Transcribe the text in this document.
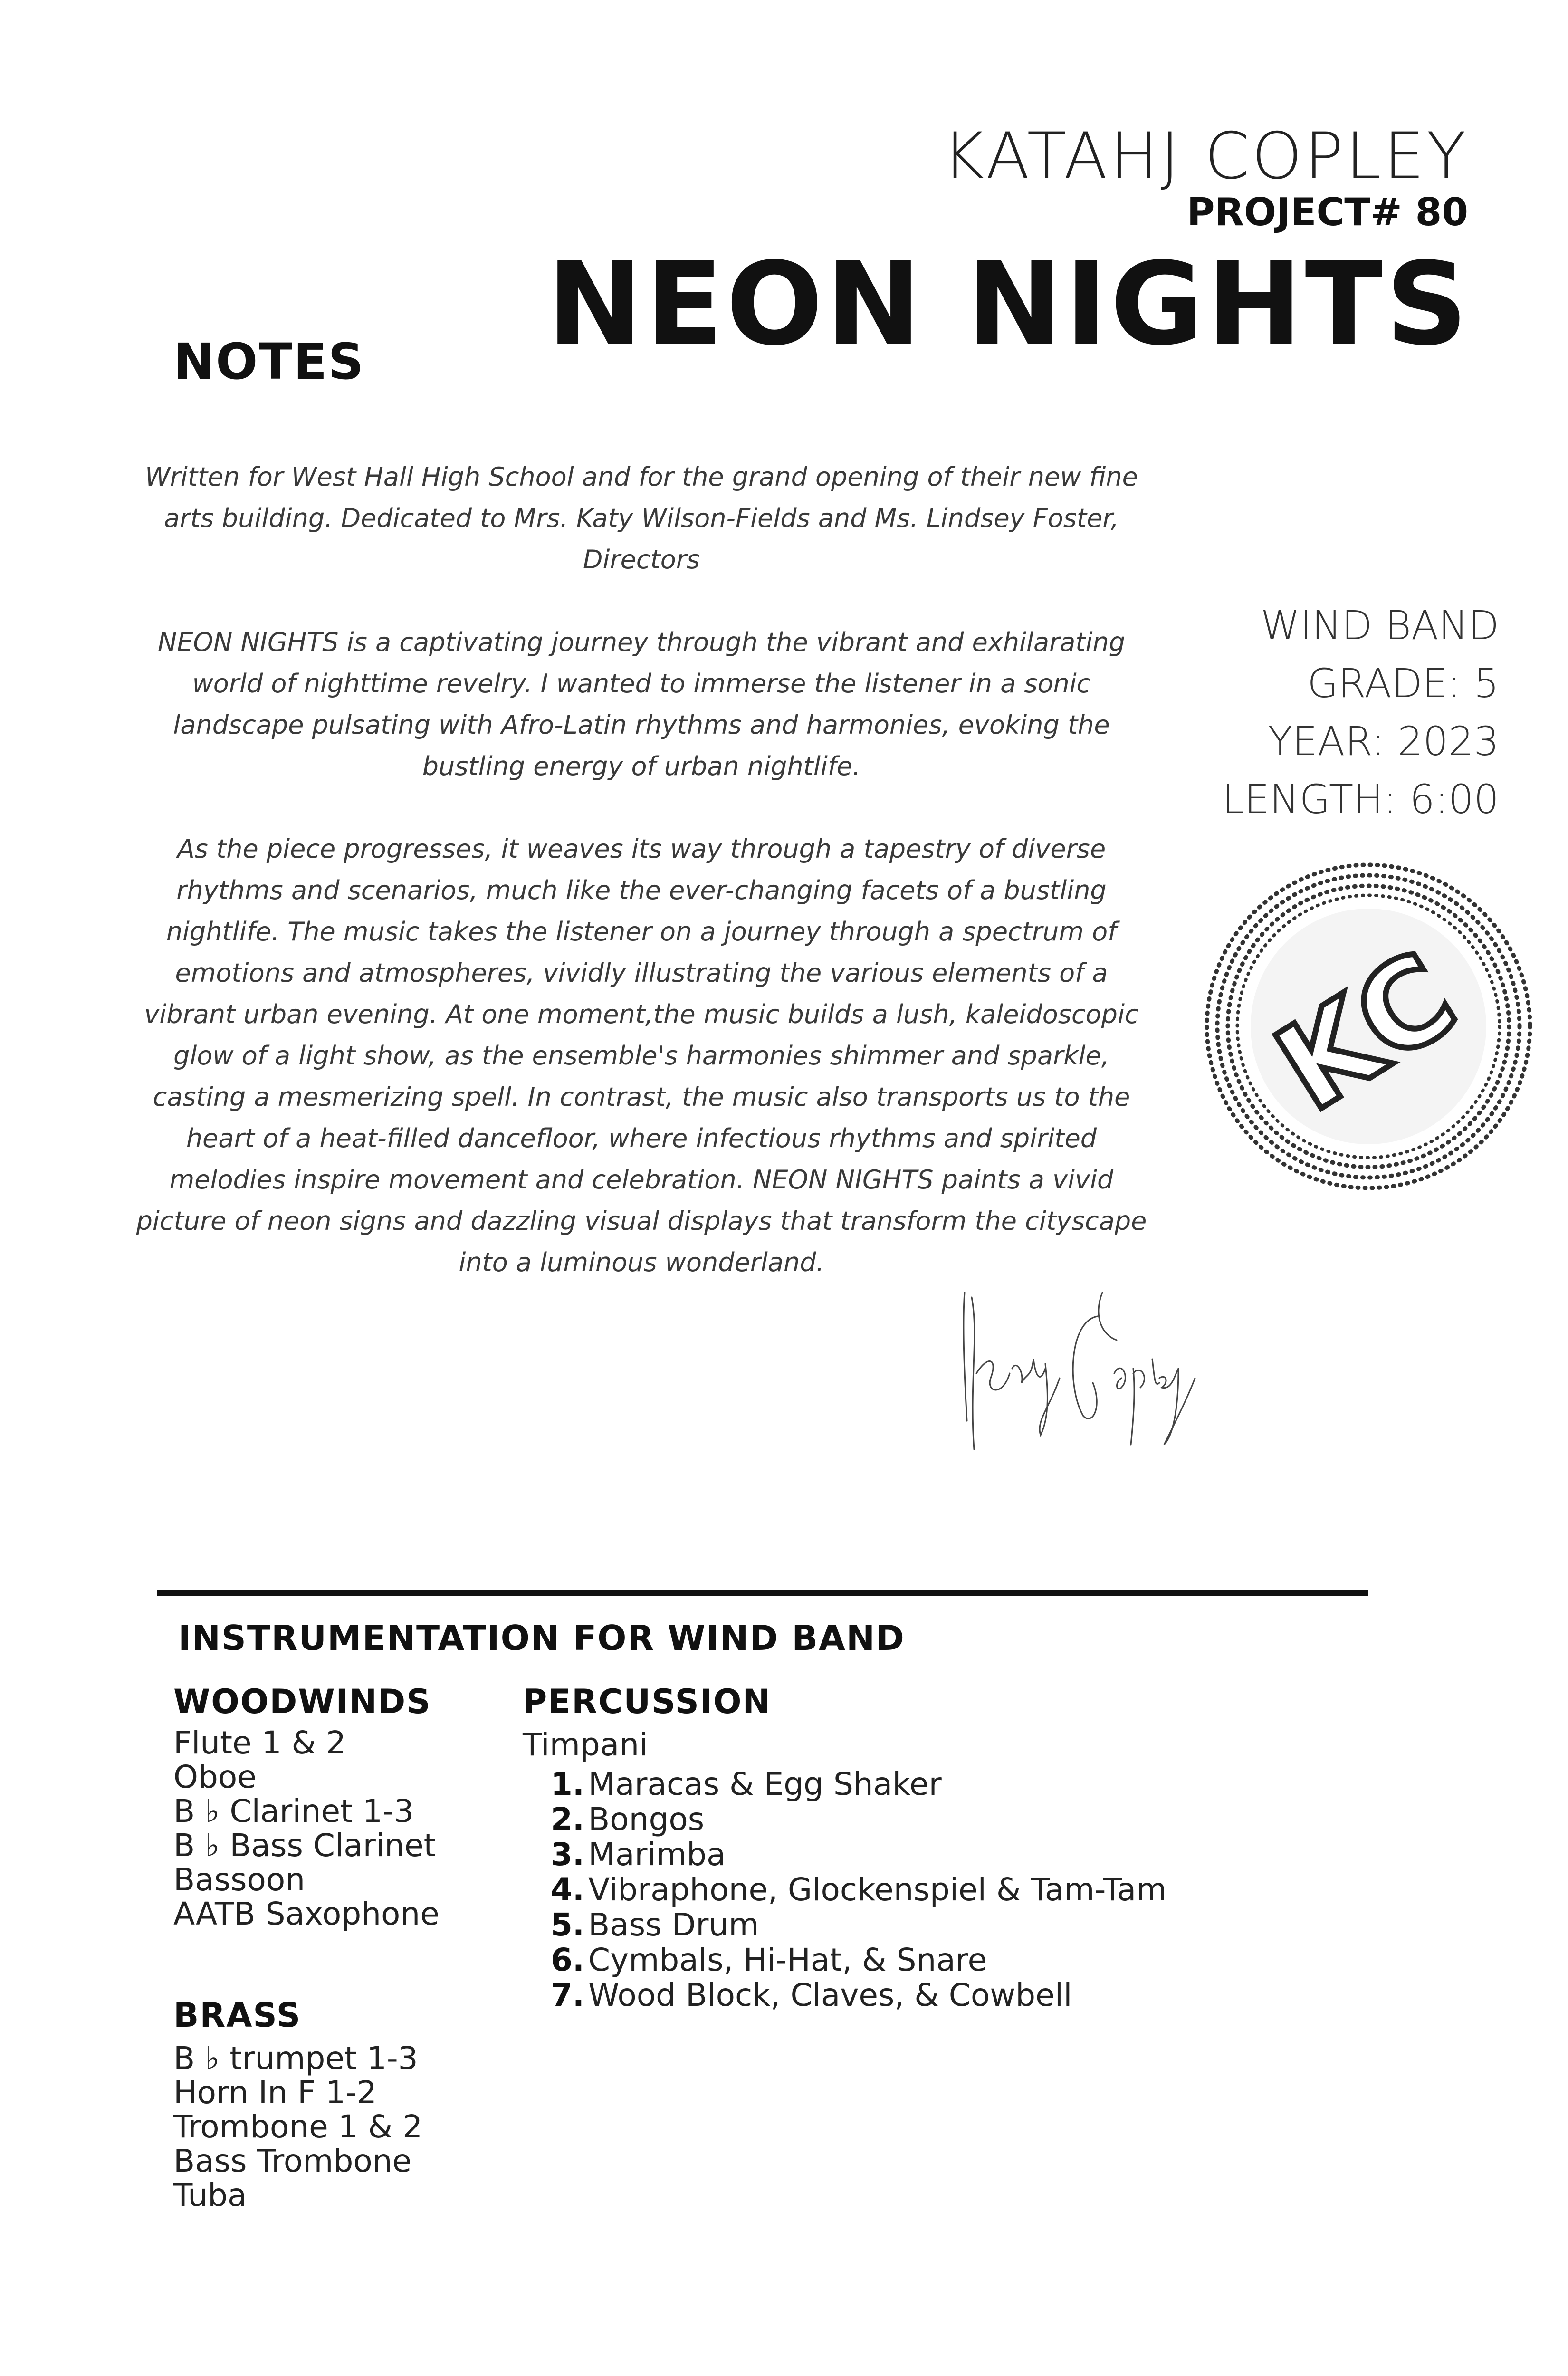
KATAHJ COPLEY
PROJECT# 80
NEON NIGHTS
NOTES

Written for West Hall High School and for the grand opening of their new fine arts building. Dedicated to Mrs. Katy Wilson-Fields and Ms. Lindsey Foster, Directors

NEON NIGHTS is a captivating journey through the vibrant and exhilarating world of nighttime revelry. I wanted to immerse the listener in a sonic landscape pulsating with Afro-Latin rhythms and harmonies, evoking the bustling energy of urban nightlife.

As the piece progresses, it weaves its way through a tapestry of diverse rhythms and scenarios, much like the ever-changing facets of a bustling nightlife. The music takes the listener on a journey through a spectrum of emotions and atmospheres, vividly illustrating the various elements of a vibrant urban evening. At one moment,the music builds a lush, kaleidoscopic glow of a light show, as the ensemble's harmonies shimmer and sparkle, casting a mesmerizing spell. In contrast, the music also transports us to the heart of a heat-filled dancefloor, where infectious rhythms and spirited melodies inspire movement and celebration. NEON NIGHTS paints a vivid picture of neon signs and dazzling visual displays that transform the cityscape into a luminous wonderland.

WIND BAND
GRADE: 5
YEAR: 2023
LENGTH: 6:00
KC
INSTRUMENTATION FOR WIND BAND
WOODWINDS
Flute 1 & 2
Oboe
B ♭ Clarinet 1-3
B ♭ Bass Clarinet
Bassoon
AATB Saxophone
BRASS
B ♭ trumpet 1-3
Horn In F 1-2
Trombone 1 & 2
Bass Trombone
Tuba
PERCUSSION
Timpani
1. Maracas & Egg Shaker
2. Bongos
3. Marimba
4. Vibraphone, Glockenspiel & Tam-Tam
5. Bass Drum
6. Cymbals, Hi-Hat, & Snare
7. Wood Block, Claves, & Cowbell
